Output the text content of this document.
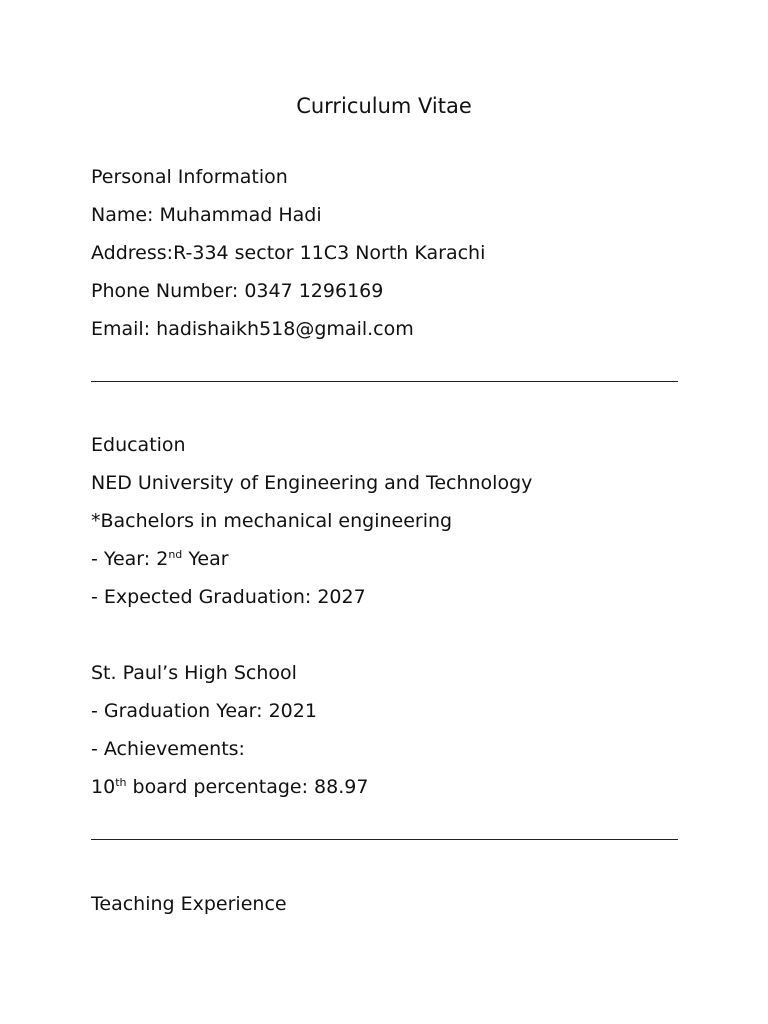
Curriculum Vitae
Personal Information

Name: Muhammad Hadi

Address:R-334 sector 11C3 North Karachi

Phone Number: 0347 1296169

Email: hadishaikh518@gmail.com

Education

NED University of Engineering and Technology

*Bachelors in mechanical engineering

- Year: 2nd Year

- Expected Graduation: 2027

St. Paul’s High School

- Graduation Year: 2021

- Achievements:

10th board percentage: 88.97

Teaching Experience
